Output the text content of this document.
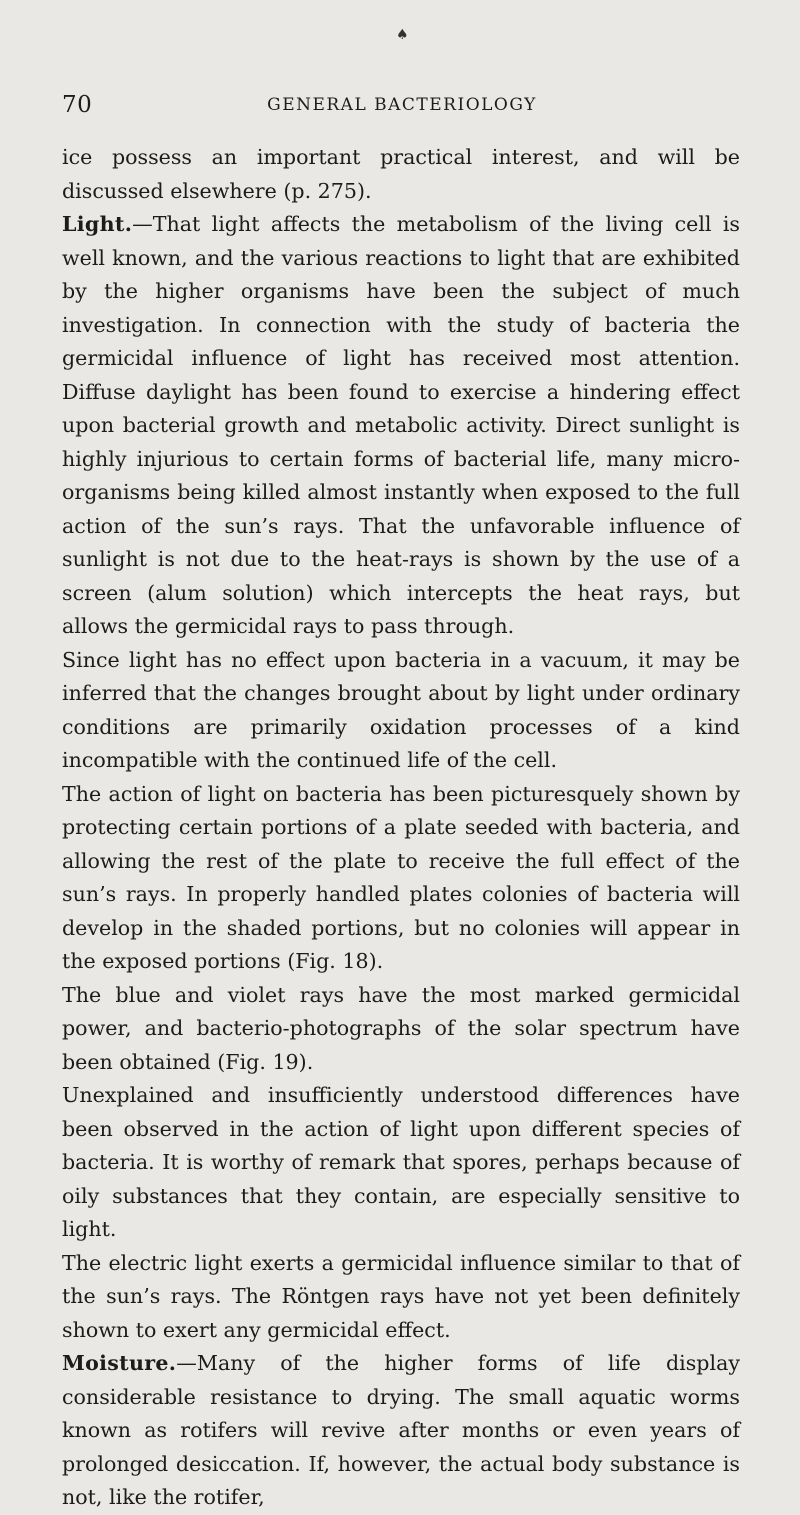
♠
70	GENERAL BACTERIOLOGY

ice possess an important practical interest, and will be discussed elsewhere (p. 275).

Light.—That light affects the metabolism of the living cell is well known, and the various reactions to light that are exhibited by the higher organisms have been the subject of much investigation. In connection with the study of bacteria the germicidal influence of light has received most attention. Diffuse daylight has been found to exercise a hindering effect upon bacterial growth and metabolic activity. Direct sunlight is highly injurious to certain forms of bacterial life, many micro-organisms being killed almost instantly when exposed to the full action of the sun’s rays. That the unfavorable influence of sunlight is not due to the heat-rays is shown by the use of a screen (alum solution) which intercepts the heat rays, but allows the germicidal rays to pass through.

Since light has no effect upon bacteria in a vacuum, it may be inferred that the changes brought about by light under ordinary conditions are primarily oxidation processes of a kind incompatible with the continued life of the cell.

The action of light on bacteria has been picturesquely shown by protecting certain portions of a plate seeded with bacteria, and allowing the rest of the plate to receive the full effect of the sun’s rays. In properly handled plates colonies of bacteria will develop in the shaded portions, but no colonies will appear in the exposed portions (Fig. 18).

The blue and violet rays have the most marked germicidal power, and bacterio-photographs of the solar spectrum have been obtained (Fig. 19).

Unexplained and insufficiently understood differences have been observed in the action of light upon different species of bacteria. It is worthy of remark that spores, perhaps because of oily substances that they contain, are especially sensitive to light.

The electric light exerts a germicidal influence similar to that of the sun’s rays. The Röntgen rays have not yet been definitely shown to exert any germicidal effect.

Moisture.—Many of the higher forms of life display considerable resistance to drying. The small aquatic worms known as rotifers will revive after months or even years of prolonged desiccation. If, however, the actual body substance is not, like the rotifer,
